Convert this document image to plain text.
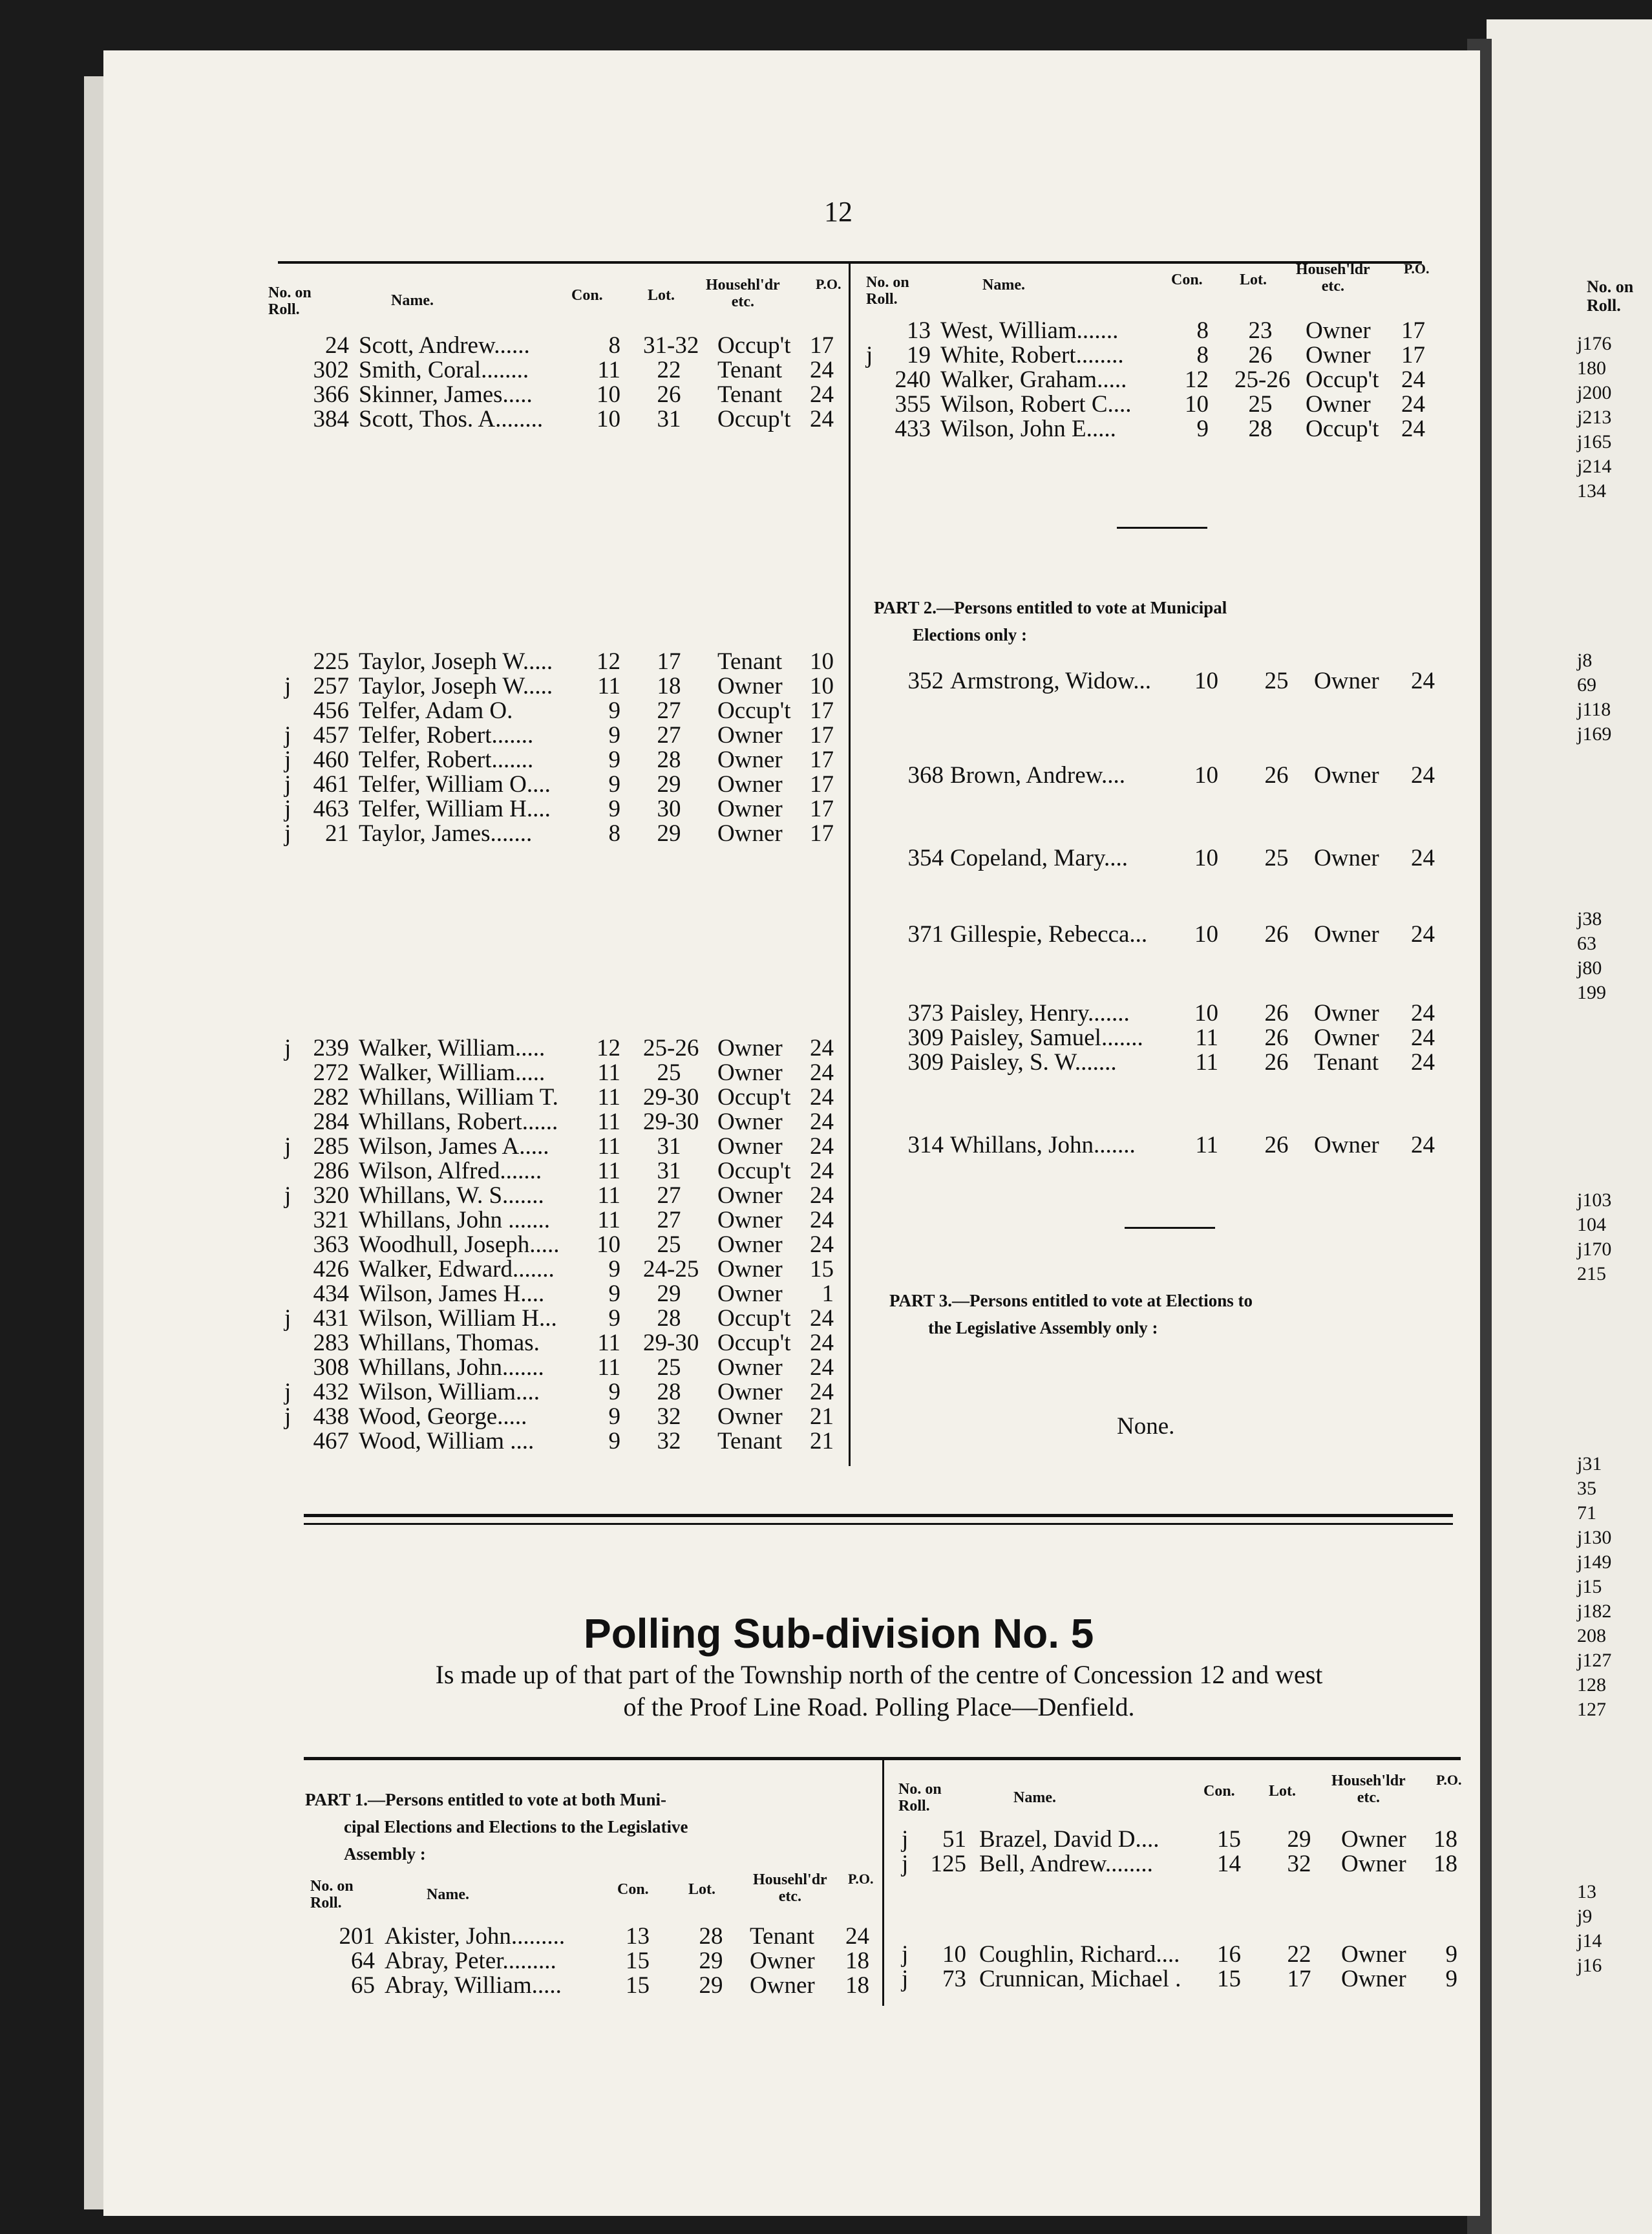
12
No. on
Roll.
Name.	Con.	Lot.
Househl'dr
etc.
P.O. No. on
Roll.
Name.	Con. Lot.
Househ'ldr
etc.
P.O.
24 Scott, Andrew......	8 31-32 Occup't 17
302 Smith, Coral........	11	22	Tenant 24
366 Skinner, James.....	10	26	Tenant 24
384 Scott, Thos. A........ 10	31	Occup't 24
225 Taylor, Joseph W..... 12	17	Tenant 10
j 257 Taylor, Joseph W..... 11	18	Owner 10
456 Telfer, Adam O.	9	27	Occup't 17
j 457 Telfer, Robert.......	9	27	Owner 17
j 460 Telfer, Robert.......	9	28	Owner 17
j 461 Telfer, William O.... 9	29	Owner 17
j 463 Telfer, William H.... 9	30	Owner 17
j 21 Taylor, James.......	8	29	Owner 17
j 239 Walker, William..... 12 25-26 Owner 24
272 Walker, William..... 11	25	Owner 24
282 Whillans, William T. 11 29-30 Occup't 24
284 Whillans, Robert...... 11 29-30 Owner 24
j 285 Wilson, James A..... 11	31	Owner 24
286 Wilson, Alfred....... 11	31	Occup't 24
j 320 Whillans, W. S....... 11	27	Owner 24
321 Whillans, John ....... 11	27	Owner 24
363 Woodhull, Joseph..... 10	25	Owner 24
426 Walker, Edward....... 9 24-25 Owner 15
434 Wilson, James H....	9	29	Owner 1
j 431 Wilson, William H... 9	28	Occup't 24
283 Whillans, Thomas. 11 29-30 Occup't 24
308 Whillans, John....... 11	25	Owner 24
j 432 Wilson, William....	9	28	Owner 24
j 438 Wood, George.....	9	32	Owner 21
467 Wood, William ....	9	32	Tenant 21
13 West, William.......	8	23	Owner 17
j 19 White, Robert........	8	26	Owner 17
240 Walker, Graham..... 12 25-26 Occup't 24
355 Wilson, Robert C.... 10	25	Owner 24
433 Wilson, John E.....	9	28	Occup't 24
PART 2.—Persons entitled to vote at Municipal
Elections only :
352 Armstrong, Widow... 10	25	Owner 24
368 Brown, Andrew....	10	26	Owner 24
354 Copeland, Mary....	10	25	Owner 24
371 Gillespie, Rebecca... 10	26	Owner 24
373 Paisley, Henry.......	10	26	Owner 24
309 Paisley, Samuel....... 11	26	Owner 24
309 Paisley, S. W.......	11	26	Tenant 24
314 Whillans, John.......	11	26	Owner 24
PART 3.—Persons entitled to vote at Elections to
the Legislative Assembly only :
None.
Polling Sub-division No. 5
Is made up of that part of the Township north of the centre of Concession 12 and west
of the Proof Line Road. Polling Place—Denfield.
PART 1.—Persons entitled to vote at both Muni-
cipal Elections and Elections to the Legislative
Assembly :
No. on
Roll.
Name.	Con.	Lot.
Househl'dr
etc.
P.O.
No. on
Roll.
Name.	Con. Lot.
Househ'ldr
etc.
P.O.
201 Akister, John.........	13	28	Tenant 24
64 Abray, Peter.........	15	29	Owner 18
65 Abray, William.....	15	29	Owner 18
j 51 Brazel, David D.... 15	29	Owner 18
j 125 Bell, Andrew........	14	32	Owner 18
j 10 Coughlin, Richard.... 16	22	Owner 9
j 73 Crunnican, Michael . 15	17	Owner 9
No. on
Roll.
j176
180
j200
j213
j165
j214
134
j8
69
j118
j169
j38
63
j80
199
j103
104
j170
215
j31
35
71
j130
j149
j15
j182
208
j127
128
127
13
j9
j14
j16
